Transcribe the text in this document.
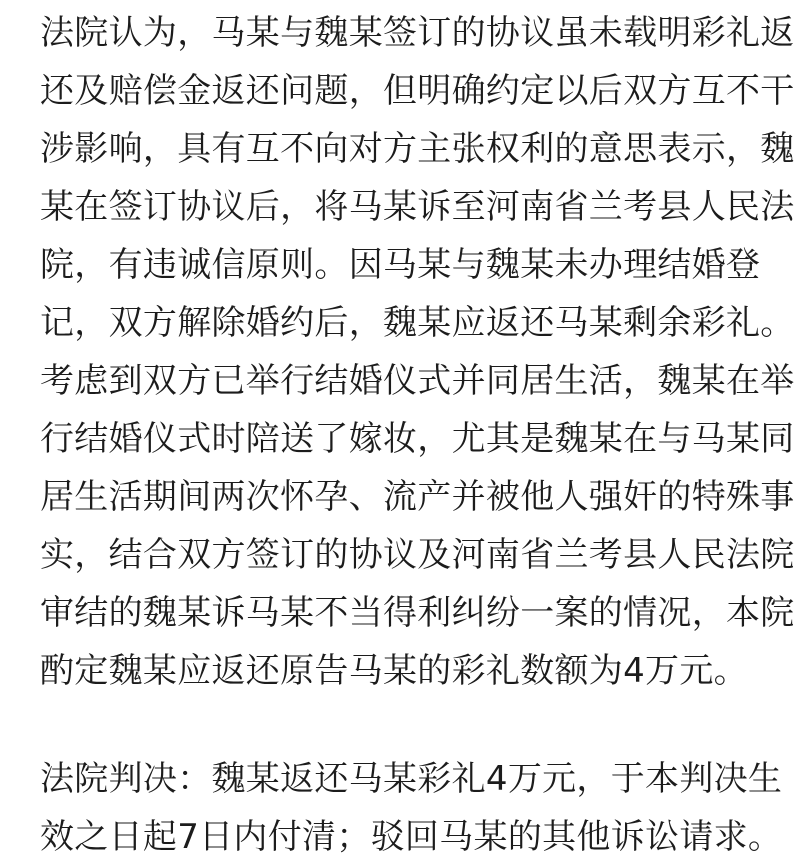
法院认为，马某与魏某签订的协议虽未载明彩礼返
还及赔偿金返还问题，但明确约定以后双方互不干
涉影响，具有互不向对方主张权利的意思表示，魏
某在签订协议后，将马某诉至河南省兰考县人民法
院，有违诚信原则。因马某与魏某未办理结婚登
记，双方解除婚约后，魏某应返还马某剩余彩礼。
考虑到双方已举行结婚仪式并同居生活，魏某在举
行结婚仪式时陪送了嫁妆，尤其是魏某在与马某同
居生活期间两次怀孕、流产并被他人强奸的特殊事
实，结合双方签订的协议及河南省兰考县人民法院
审结的魏某诉马某不当得利纠纷一案的情况，本院
酌定魏某应返还原告马某的彩礼数额为4万元。
法院判决：魏某返还马某彩礼4万元，于本判决生
效之日起7日内付清；驳回马某的其他诉讼请求。
